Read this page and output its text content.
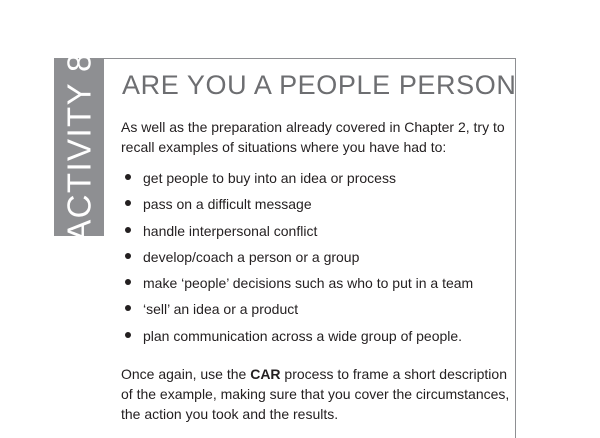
ACTIVITY 8 ARE YOU A PEOPLE PERSON

As well as the preparation already covered in Chapter 2, try to recall examples of situations where you have had to:

get people to buy into an idea or process
pass on a difficult message
handle interpersonal conflict
develop/coach a person or a group
make ‘people’ decisions such as who to put in a team
‘sell’ an idea or a product
plan communication across a wide group of people.

Once again, use the CAR process to frame a short description of the example, making sure that you cover the circumstances, the action you took and the results.
